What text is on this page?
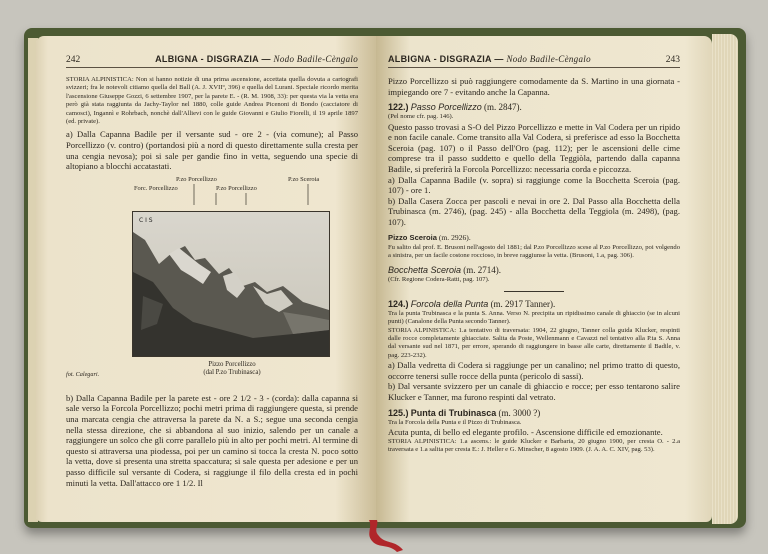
242	ALBIGNA - DISGRAZIA — Nodo Badile-Cèngalo

STORIA ALPINISTICA: Non si hanno notizie di una prima ascensione, accettata quella dovuta a cartografi svizzeri; fra le notevoli citiamo quella del Ball (A. J. XVIIº, 396) e quella del Lurani. Speciale ricordo merita l'ascensione Giuseppe Gozzi, 6 settembre 1907, per la parete E. - (R. M. 1908, 33): per questa via la vetta era però già stata raggiunta da Jachy-Taylor nel 1880, colle guide Andrea Picenoni di Bondo (cacciatore di camosci), Ingannì e Rohrbach, nonchè dall'Allievi con le guide Giovanni e Giulio Fiorelli, il 19 aprile 1897 (ed. private).

a) Dalla Capanna Badile per il versante sud - ore 2 - (via comune); al Passo Porcellizzo (v. contro) (portandosi più a nord di questo direttamente sulla cresta per una cengia nevosa); poi si sale per gandie fino in vetta, seguendo una specie di altopiano a blocchi accatastati.

P.zo Porcellizzo	P.zo Sceroia
Forc. Porcellizzo	P.zo Porcellizzo
C I S
fot. Calegari.
Pizzo Porcellizzo
(dal P.zo Trubinasca)

b) Dalla Capanna Badile per la parete est - ore 2 1/2 - 3 - (corda): dalla capanna si sale verso la Forcola Porcellizzo; pochi metri prima di raggiungere questa, si prende una marcata cengia che attraversa la parete da N. a S.; segue una seconda cengia nella stessa direzione, che si abbandona al suo inizio, salendo per un canale a raggiungere un solco che gli corre parallelo più in alto per pochi metri. Al termine di questo si attraversa una piodessa, poi per un camino si tocca la cresta N. poco sotto la vetta, dove si presenta una stretta spaccatura; si sale questa per adesione e per un passo difficile sul versante di Codera, si raggiunge il filo della cresta ed in pochi minuti la vetta. Dall'attacco ore 1 1/2. Il

ALBIGNA - DISGRAZIA — Nodo Badile-Cèngalo	243

Pizzo Porcellizzo si può raggiungere comodamente da S. Martino in una giornata - impiegando ore 7 - evitando anche la Capanna.

122.) Passo Porcellizzo (m. 2847).

(Pel nome cfr. pag. 146).

Questo passo trovasi a S-O del Pizzo Porcellizzo e mette in Val Codera per un ripido e non facile canale. Come transito alla Val Codera, si preferisce ad esso la Bocchetta Sceroia (pag. 107) o il Passo dell'Oro (pag. 112); per le ascensioni delle cime comprese tra il passo suddetto e quello della Teggiòla, partendo dalla capanna Badile, si preferirà la Forcola Porcellizzo: necessaria corda e piccozza.

a) Dalla Capanna Badile (v. sopra) si raggiunge come la Bocchetta Sceroia (pag. 107) - ore 1.

b) Dalla Casera Zocca per pascoli e nevai in ore 2. Dal Passo alla Bocchetta della Trubinasca (m. 2746), (pag. 245) - alla Bocchetta della Teggiola (m. 2498), (pag. 107).

Pizzo Sceroia (m. 2926).

Fu salito dal prof. E. Brusoni nell'agosto del 1881; dal P.zo Porcellizzo scese al P.zo Porcellizzo, poi volgendo a sinistra, per un facile costone roccioso, in breve raggiunse la vetta. (Brusoni, 1.a, pag. 306).

Bocchetta Sceroia (m. 2714).

(Cfr. Regione Codera-Ratti, pag. 107).

124.) Forcola della Punta (m. 2917 Tanner).

Tra la punta Trubinasca e la punta S. Anna. Verso N. precipita un ripidissimo canale di ghiaccio (se in alcuni punti) (Canalone della Punta secondo Tanner).

STORIA ALPINISTICA: 1.a tentativo di traversata: 1904, 22 giugno, Tanner colla guida Klucker, respinti dalle rocce completamente ghiacciate. Salita da Poste, Wellenmann e Cavazzi nel tentativo alla P.ta S. Anna dal versante sud nel 1871, per errore, sperando di raggiungere in basse alle carte, direttamente il Badile, v. pag. 223-232).

a) Dalla vedretta di Codera si raggiunge per un canalino; nel primo tratto di questo, occorre tenersi sulle rocce della punta (pericolo di sassi).

b) Dal versante svizzero per un canale di ghiaccio e rocce; per esso tentarono salire Klucker e Tanner, ma furono respinti dal vetrato.

125.) Punta di Trubinasca (m. 3000 ?)

Tra la Forcola della Punta e il Pizzo di Trubinasca.

Acuta punta, di bello ed elegante profilo. - Ascensione difficile ed emozionante.

STORIA ALPINISTICA: 1.a ascens.: le guide Klucker e Barbaria, 20 giugno 1900, per cresta O. - 2.a traversata e 1.a salita per cresta E.: J. Heller e G. Minscher, 8 agosto 1909. (J. A. A. C. XIV, pag. 53).
